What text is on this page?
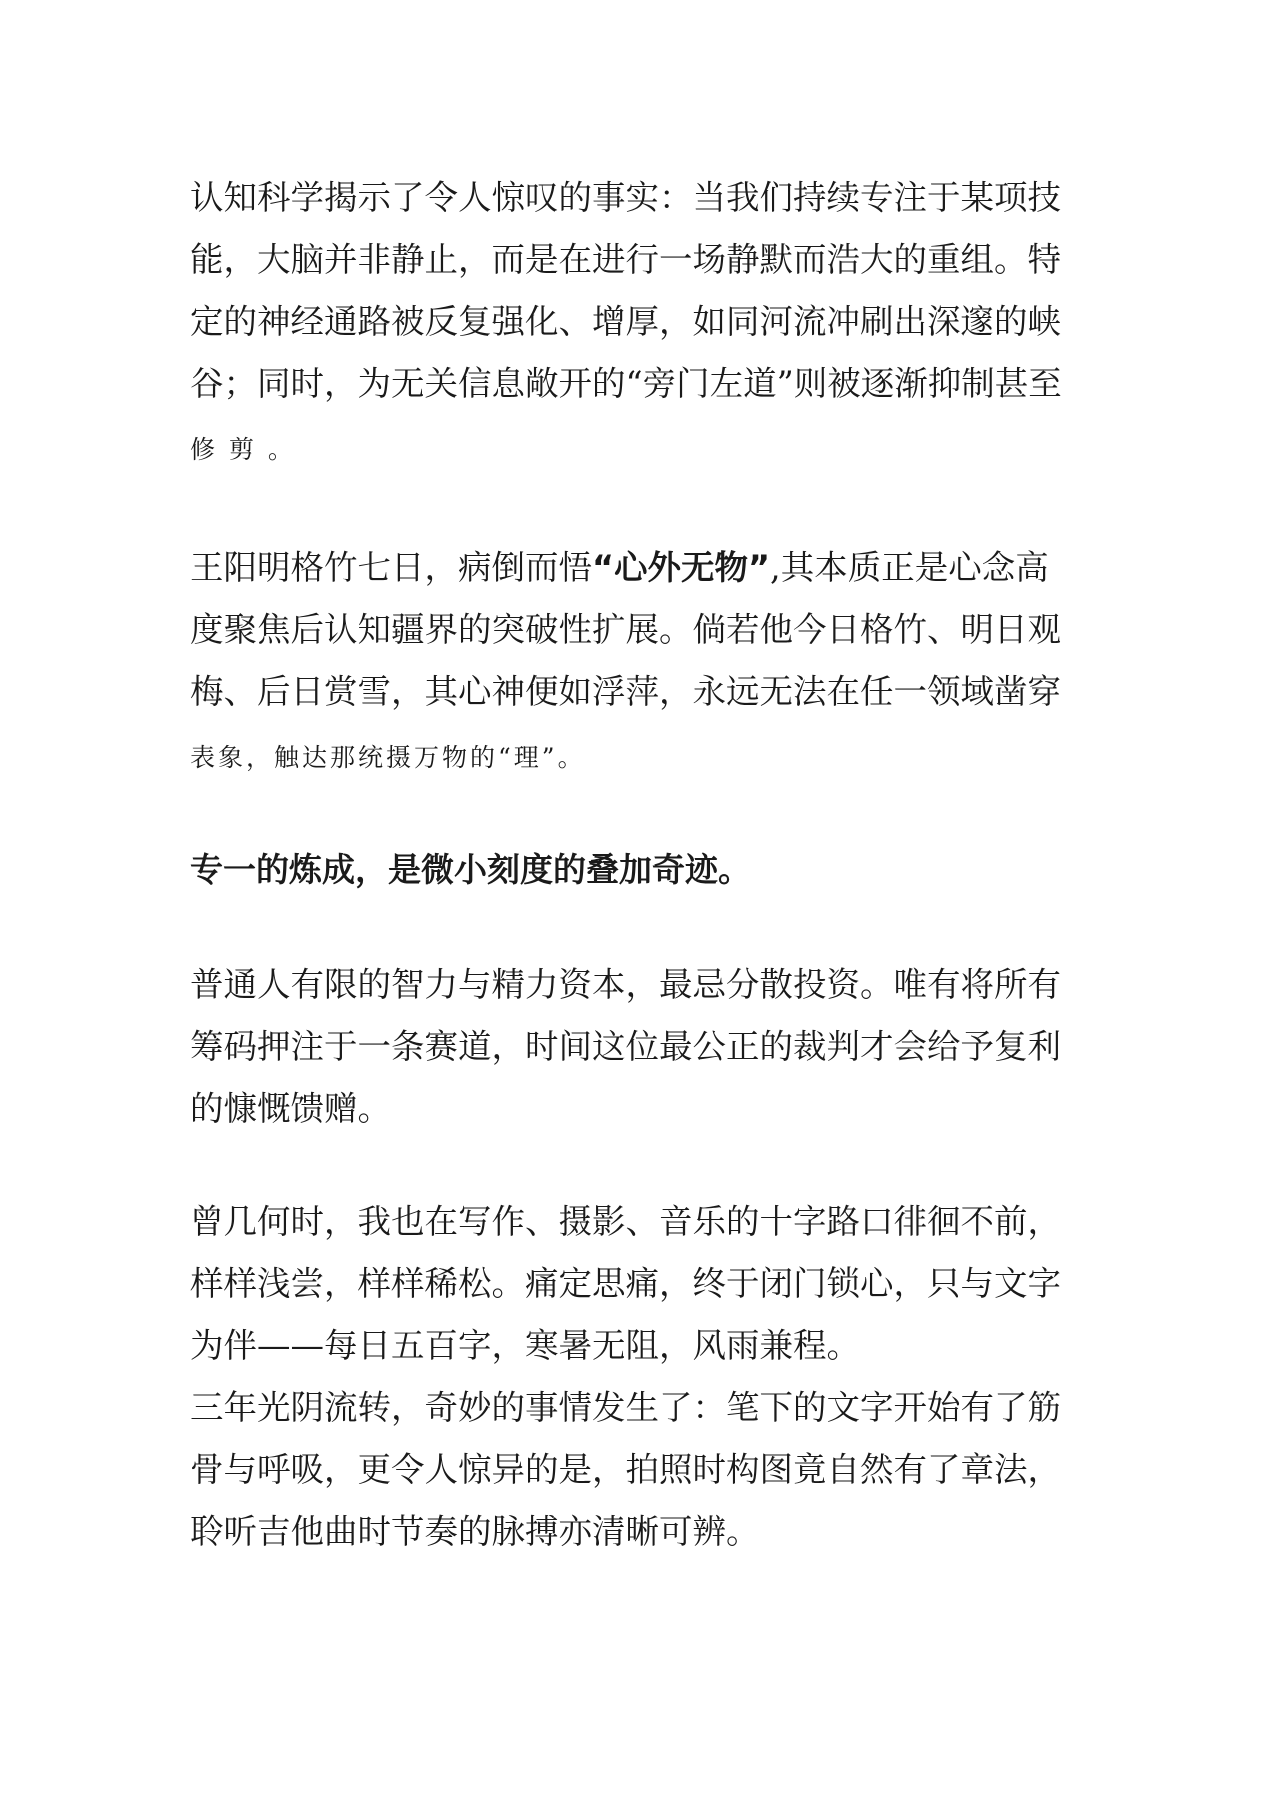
认知科学揭示了令人惊叹的事实：当我们持续专注于某项技
能，大脑并非静止，而是在进行一场静默而浩大的重组。特
定的神经通路被反复强化、增厚，如同河流冲刷出深邃的峡
谷；同时，为无关信息敞开的“旁门左道”则被逐渐抑制甚至
修 剪 。
王阳明格竹七日，病倒而悟“心外无物”,其本质正是心念高
度聚焦后认知疆界的突破性扩展。倘若他今日格竹、明日观
梅、后日赏雪，其心神便如浮萍，永远无法在任一领域凿穿
表象，触达那统摄万物的“理”。
专一的炼成，是微小刻度的叠加奇迹。
普通人有限的智力与精力资本，最忌分散投资。唯有将所有
筹码押注于一条赛道，时间这位最公正的裁判才会给予复利
的慷慨馈赠。
曾几何时，我也在写作、摄影、音乐的十字路口徘徊不前，
样样浅尝，样样稀松。痛定思痛，终于闭门锁心，只与文字
为伴——每日五百字，寒暑无阻，风雨兼程。
三年光阴流转，奇妙的事情发生了：笔下的文字开始有了筋
骨与呼吸，更令人惊异的是，拍照时构图竟自然有了章法，
聆听吉他曲时节奏的脉搏亦清晰可辨。
